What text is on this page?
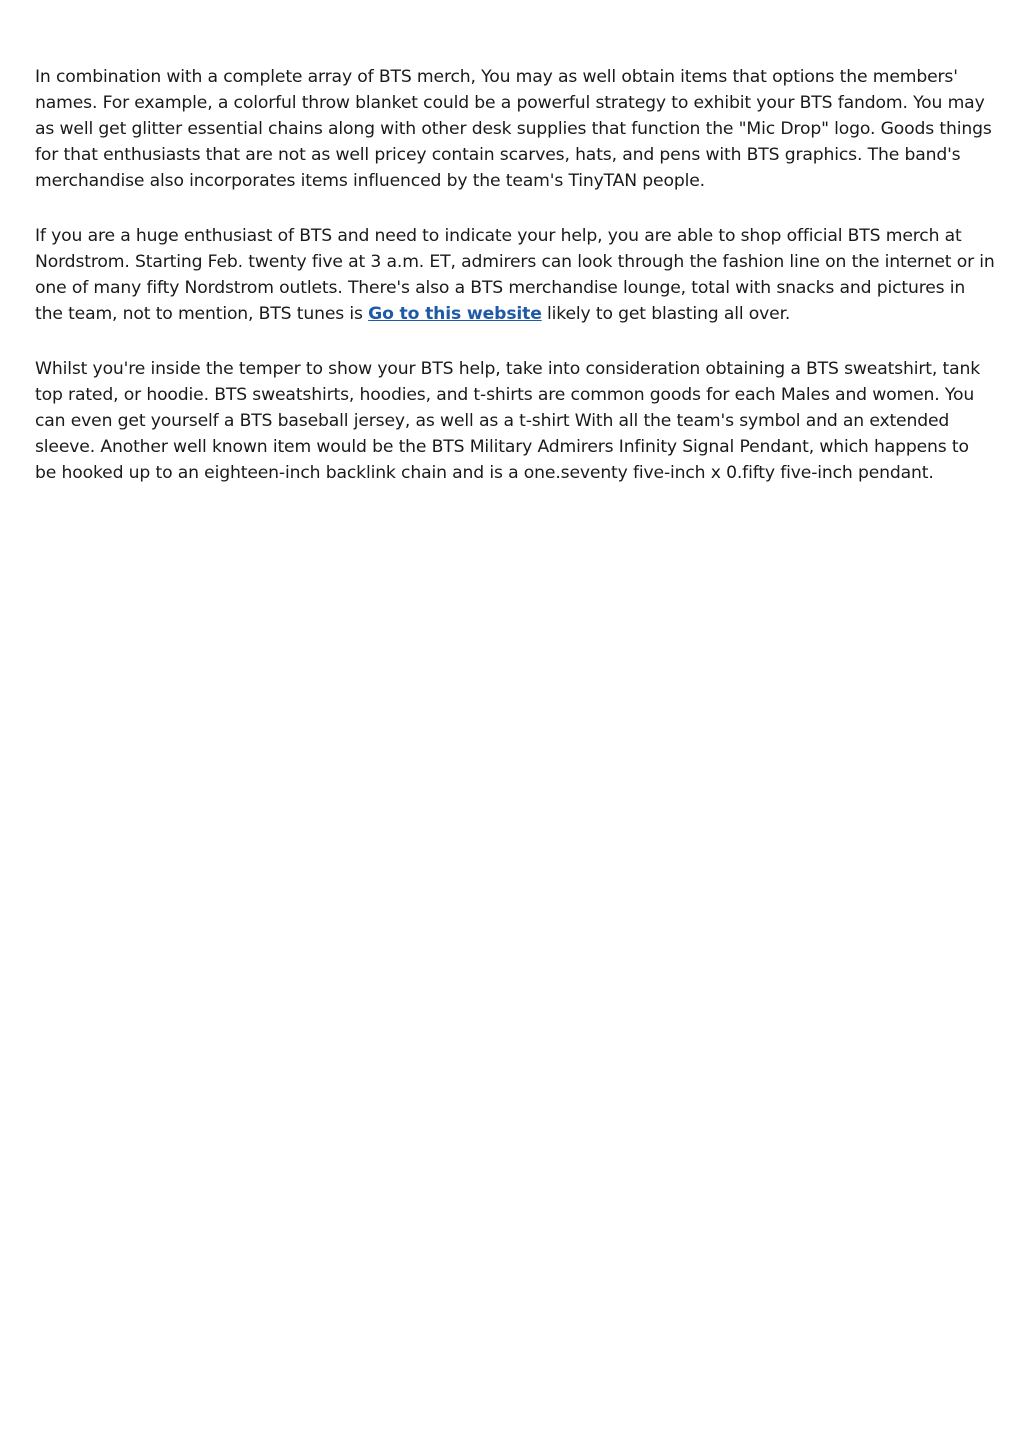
In combination with a complete array of BTS merch, You may as well obtain items that options the members' names. For example, a colorful throw blanket could be a powerful strategy to exhibit your BTS fandom. You may as well get glitter essential chains along with other desk supplies that function the "Mic Drop" logo. Goods things for that enthusiasts that are not as well pricey contain scarves, hats, and pens with BTS graphics. The band's merchandise also incorporates items influenced by the team's TinyTAN people.

If you are a huge enthusiast of BTS and need to indicate your help, you are able to shop official BTS merch at Nordstrom. Starting Feb. twenty five at 3 a.m. ET, admirers can look through the fashion line on the internet or in one of many fifty Nordstrom outlets. There's also a BTS merchandise lounge, total with snacks and pictures in the team, not to mention, BTS tunes is Go to this website likely to get blasting all over.

Whilst you're inside the temper to show your BTS help, take into consideration obtaining a BTS sweatshirt, tank top rated, or hoodie. BTS sweatshirts, hoodies, and t-shirts are common goods for each Males and women. You can even get yourself a BTS baseball jersey, as well as a t-shirt With all the team's symbol and an extended sleeve. Another well known item would be the BTS Military Admirers Infinity Signal Pendant, which happens to be hooked up to an eighteen-inch backlink chain and is a one.seventy five-inch x 0.fifty five-inch pendant.
